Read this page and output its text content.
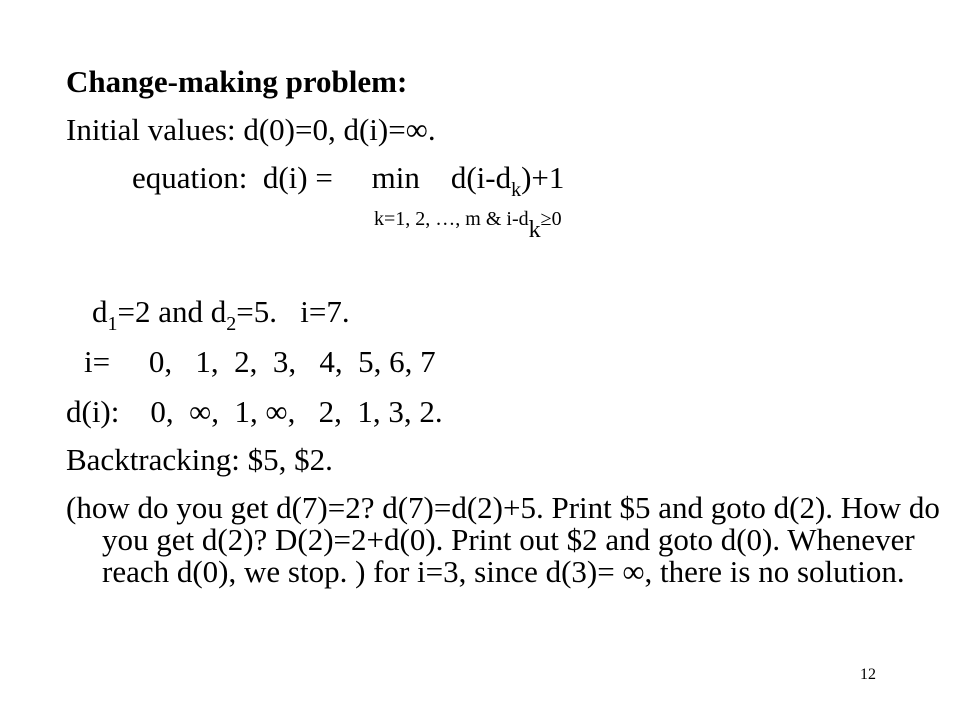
Change-making problem:
Initial values: d(0)=0, d(i)=∞.
equation:  d(i) =     min    $d(i-d_k)+1$
k=1, 2, …, m & i-dk≥0
$d_1=2$ and $d_2=5$.   i=7.
i=     0,   1,  2,  3,   4,  5, 6, 7
d(i):    0,  ∞,  1, ∞,   2,  1, 3, 2.
Backtracking: $5, $2.
(how do you get d(7)=2? d(7)=d(2)+5. Print $5 and goto d(2). How do you get d(2)? D(2)=2+d(0). Print out $2 and goto d(0). Whenever reach d(0), we stop. ) for i=3, since d(3)= ∞, there is no solution.
12
